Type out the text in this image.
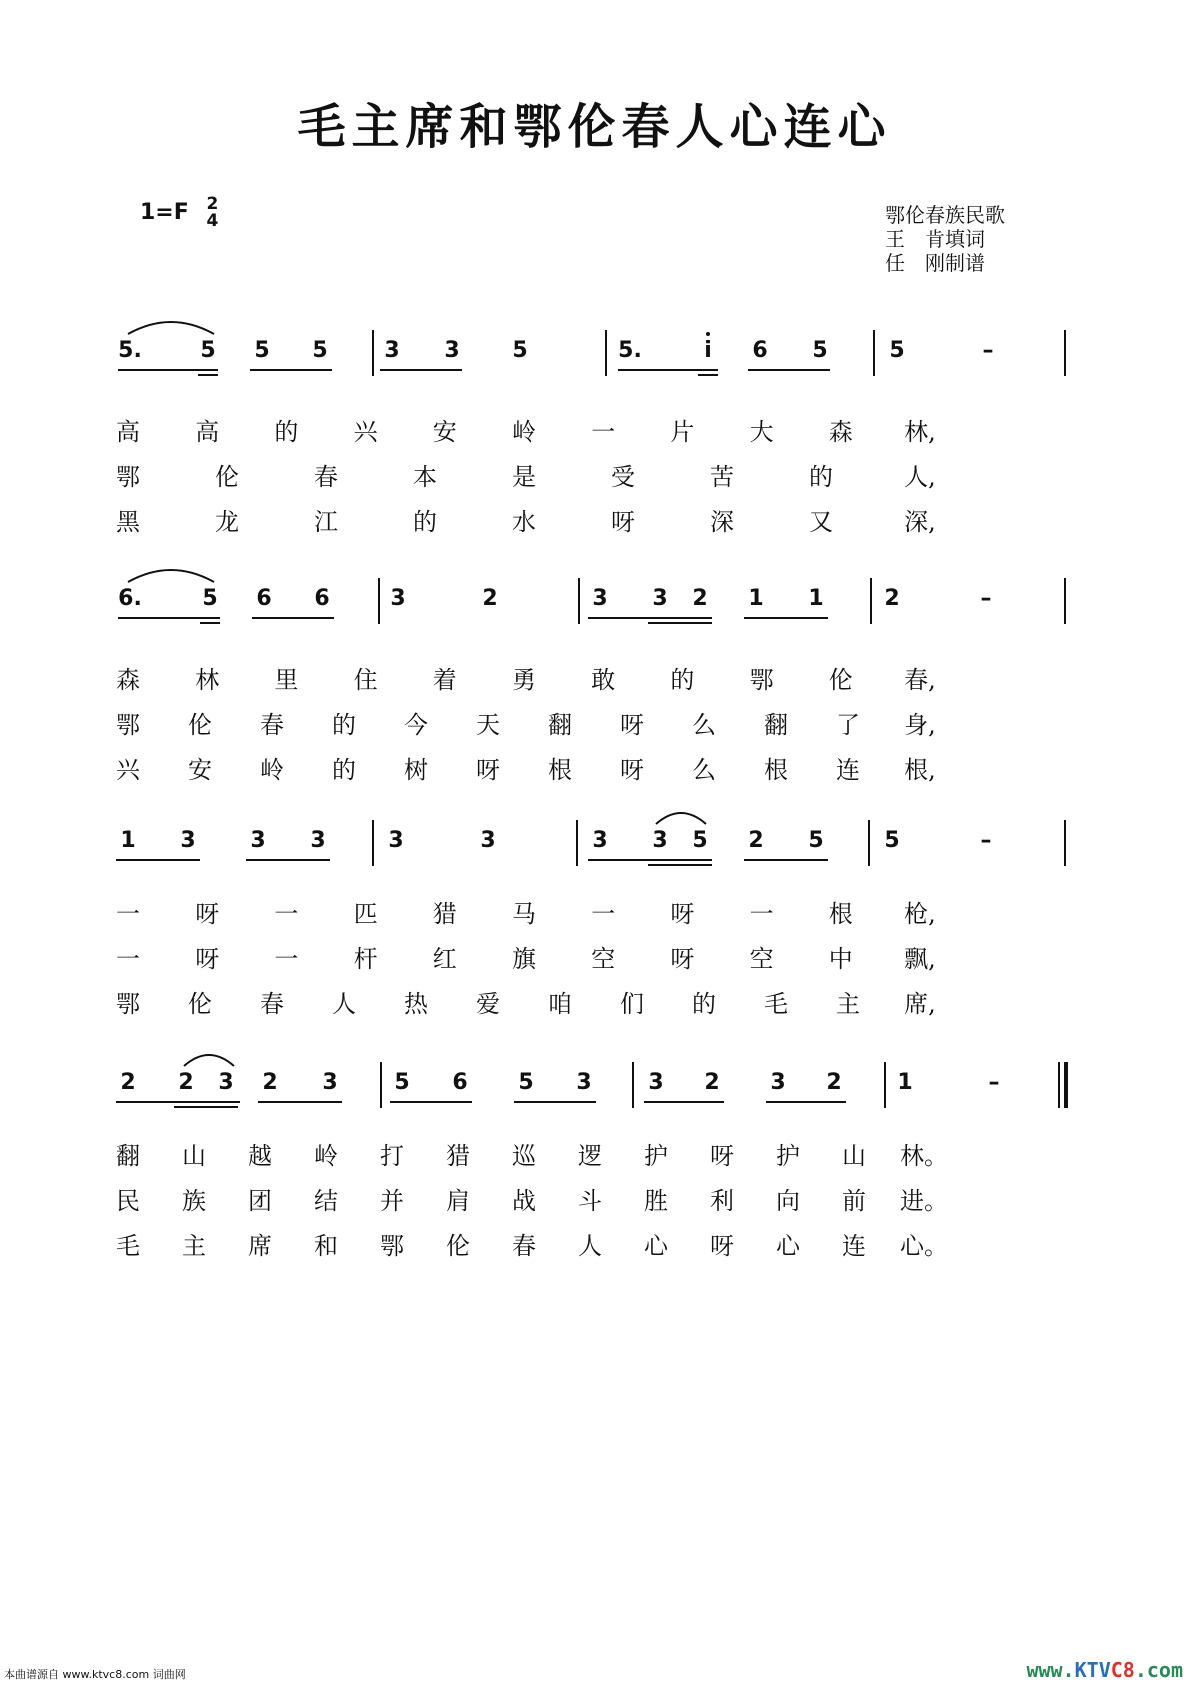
毛主席和鄂伦春人心连心
1=F 2
4	鄂伦春族民歌
王　肯填词
任　刚制谱
5.	5 5 5	3 3 5	5.	i	6 5	5	–
高	高	的	兴	安	岭	一	片	大	森	林,
鄂	伦	春	本	是	受	苦	的	人,
黑	龙	江	的	水	呀	深	又	深,
6.	5 6 6	3	2	3 3 2 1 1	2	–
森	林	里	住	着	勇	敢	的	鄂	伦	春,
鄂	伦	春	的	今	天	翻	呀	么	翻	了	身,
兴	安	岭	的	树	呀	根	呀	么	根	连	根,
1 3 3 3	3	3	3 3 5 2 5	5	–
一	呀	一	匹	猎	马	一	呀	一	根	枪,
一	呀	一	杆	红	旗	空	呀	空	中	飘,
鄂	伦	春	人	热	爱	咱	们	的	毛	主	席,
2 2 3 2 3	5 6 5 3	3 2 3 2	1	–
翻	山	越	岭	打	猎	巡	逻	护	呀	护	山	林。
民	族	团	结	并	肩	战	斗	胜	利	向	前	进。
毛	主	席	和	鄂	伦	春	人	心	呀	心	连	心。
本曲谱源自 www.ktvc8.com 词曲网	www.KTVC8.com
